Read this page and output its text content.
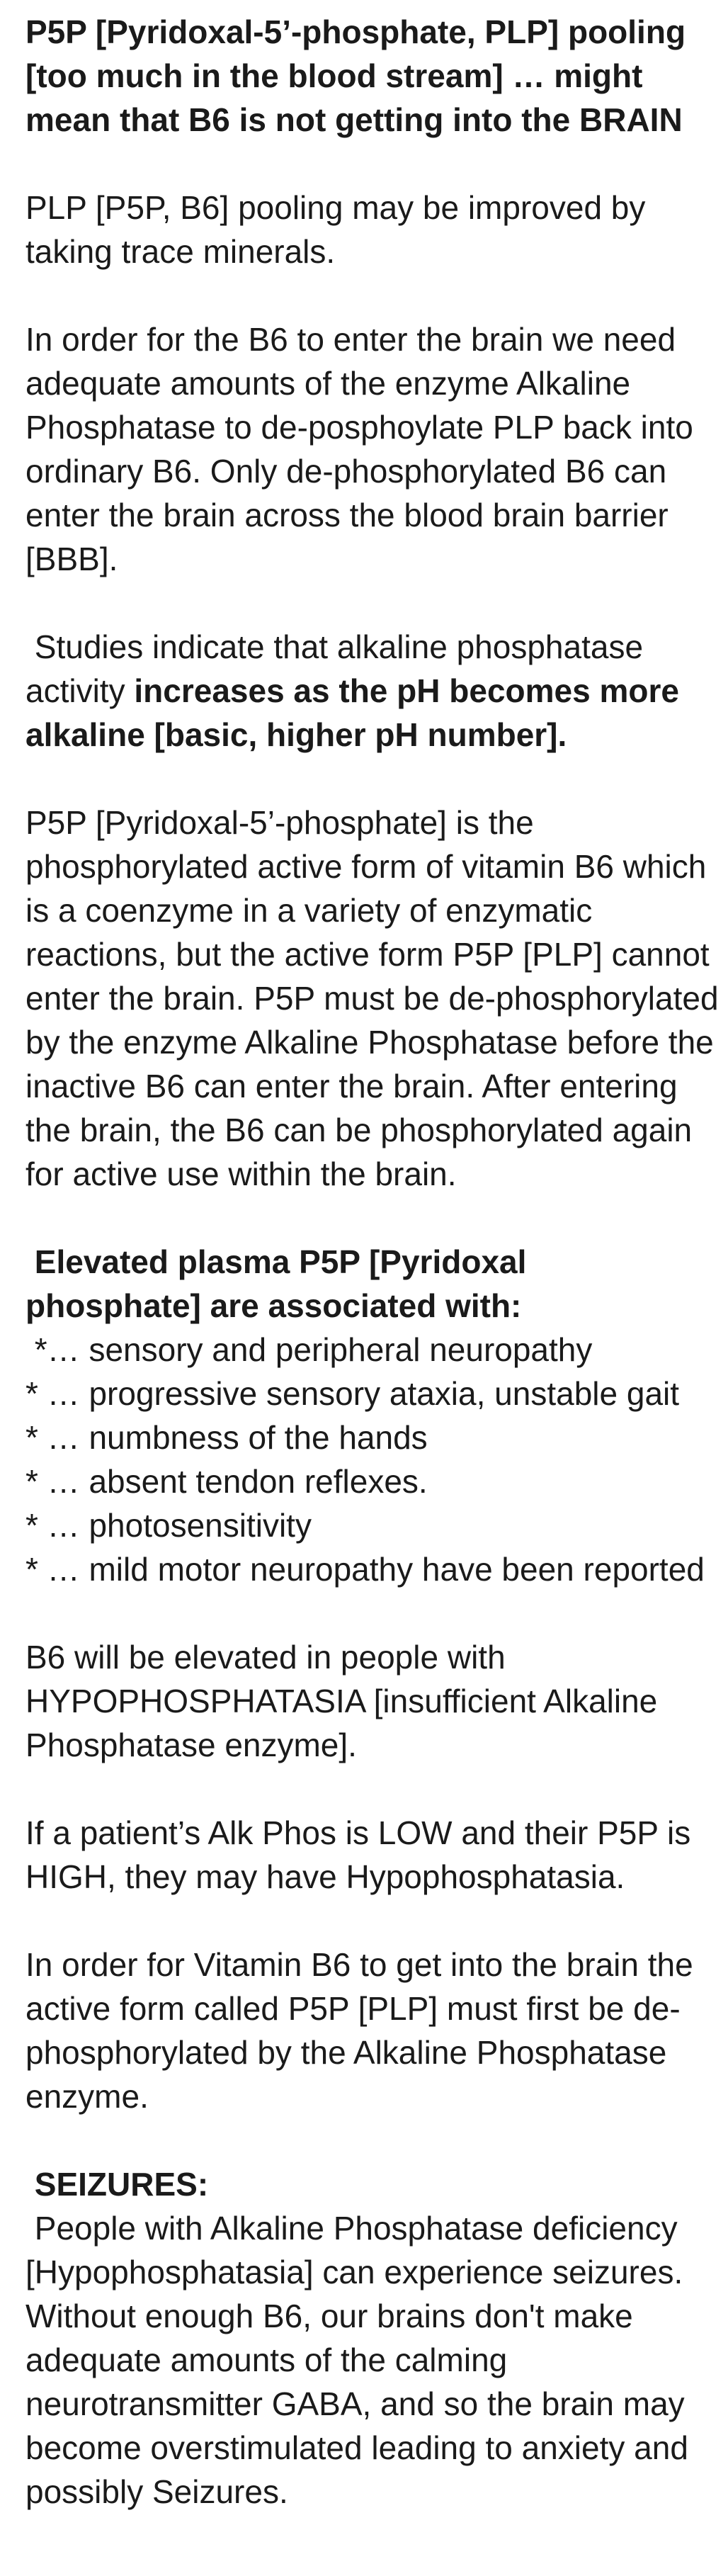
P5P [Pyridoxal-5’-phosphate, PLP] pooling [too much in the blood stream] … might mean that B6 is not getting into the BRAIN

PLP [P5P, B6] pooling may be improved by taking trace minerals.

In order for the B6 to enter the brain we need adequate amounts of the enzyme Alkaline Phosphatase to de-posphoylate PLP back into ordinary B6. Only de-phosphorylated B6 can enter the brain across the blood brain barrier [BBB].

Studies indicate that alkaline phosphatase activity increases as the pH becomes more alkaline [basic, higher pH number].

P5P [Pyridoxal-5’-phosphate] is the phosphorylated active form of vitamin B6 which is a coenzyme in a variety of enzymatic reactions, but the active form P5P [PLP] cannot enter the brain. P5P must be de-phosphorylated by the enzyme Alkaline Phosphatase before the inactive B6 can enter the brain. After entering the brain, the B6 can be phosphorylated again for active use within the brain.

Elevated plasma P5P [Pyridoxal phosphate] are associated with:

*… sensory and peripheral neuropathy
* … progressive sensory ataxia, unstable gait
* … numbness of the hands
* … absent tendon reflexes.
* … photosensitivity
* … mild motor neuropathy have been reported

B6 will be elevated in people with HYPOPHOSPHATASIA [insufficient Alkaline Phosphatase enzyme].

If a patient’s Alk Phos is LOW and their P5P is HIGH, they may have Hypophosphatasia.

In order for Vitamin B6 to get into the brain the active form called P5P [PLP] must first be de-phosphorylated by the Alkaline Phosphatase enzyme.

SEIZURES:

People with Alkaline Phosphatase deficiency [Hypophosphatasia] can experience seizures. Without enough B6, our brains don't make adequate amounts of the calming neurotransmitter GABA, and so the brain may become overstimulated leading to anxiety and possibly Seizures.
